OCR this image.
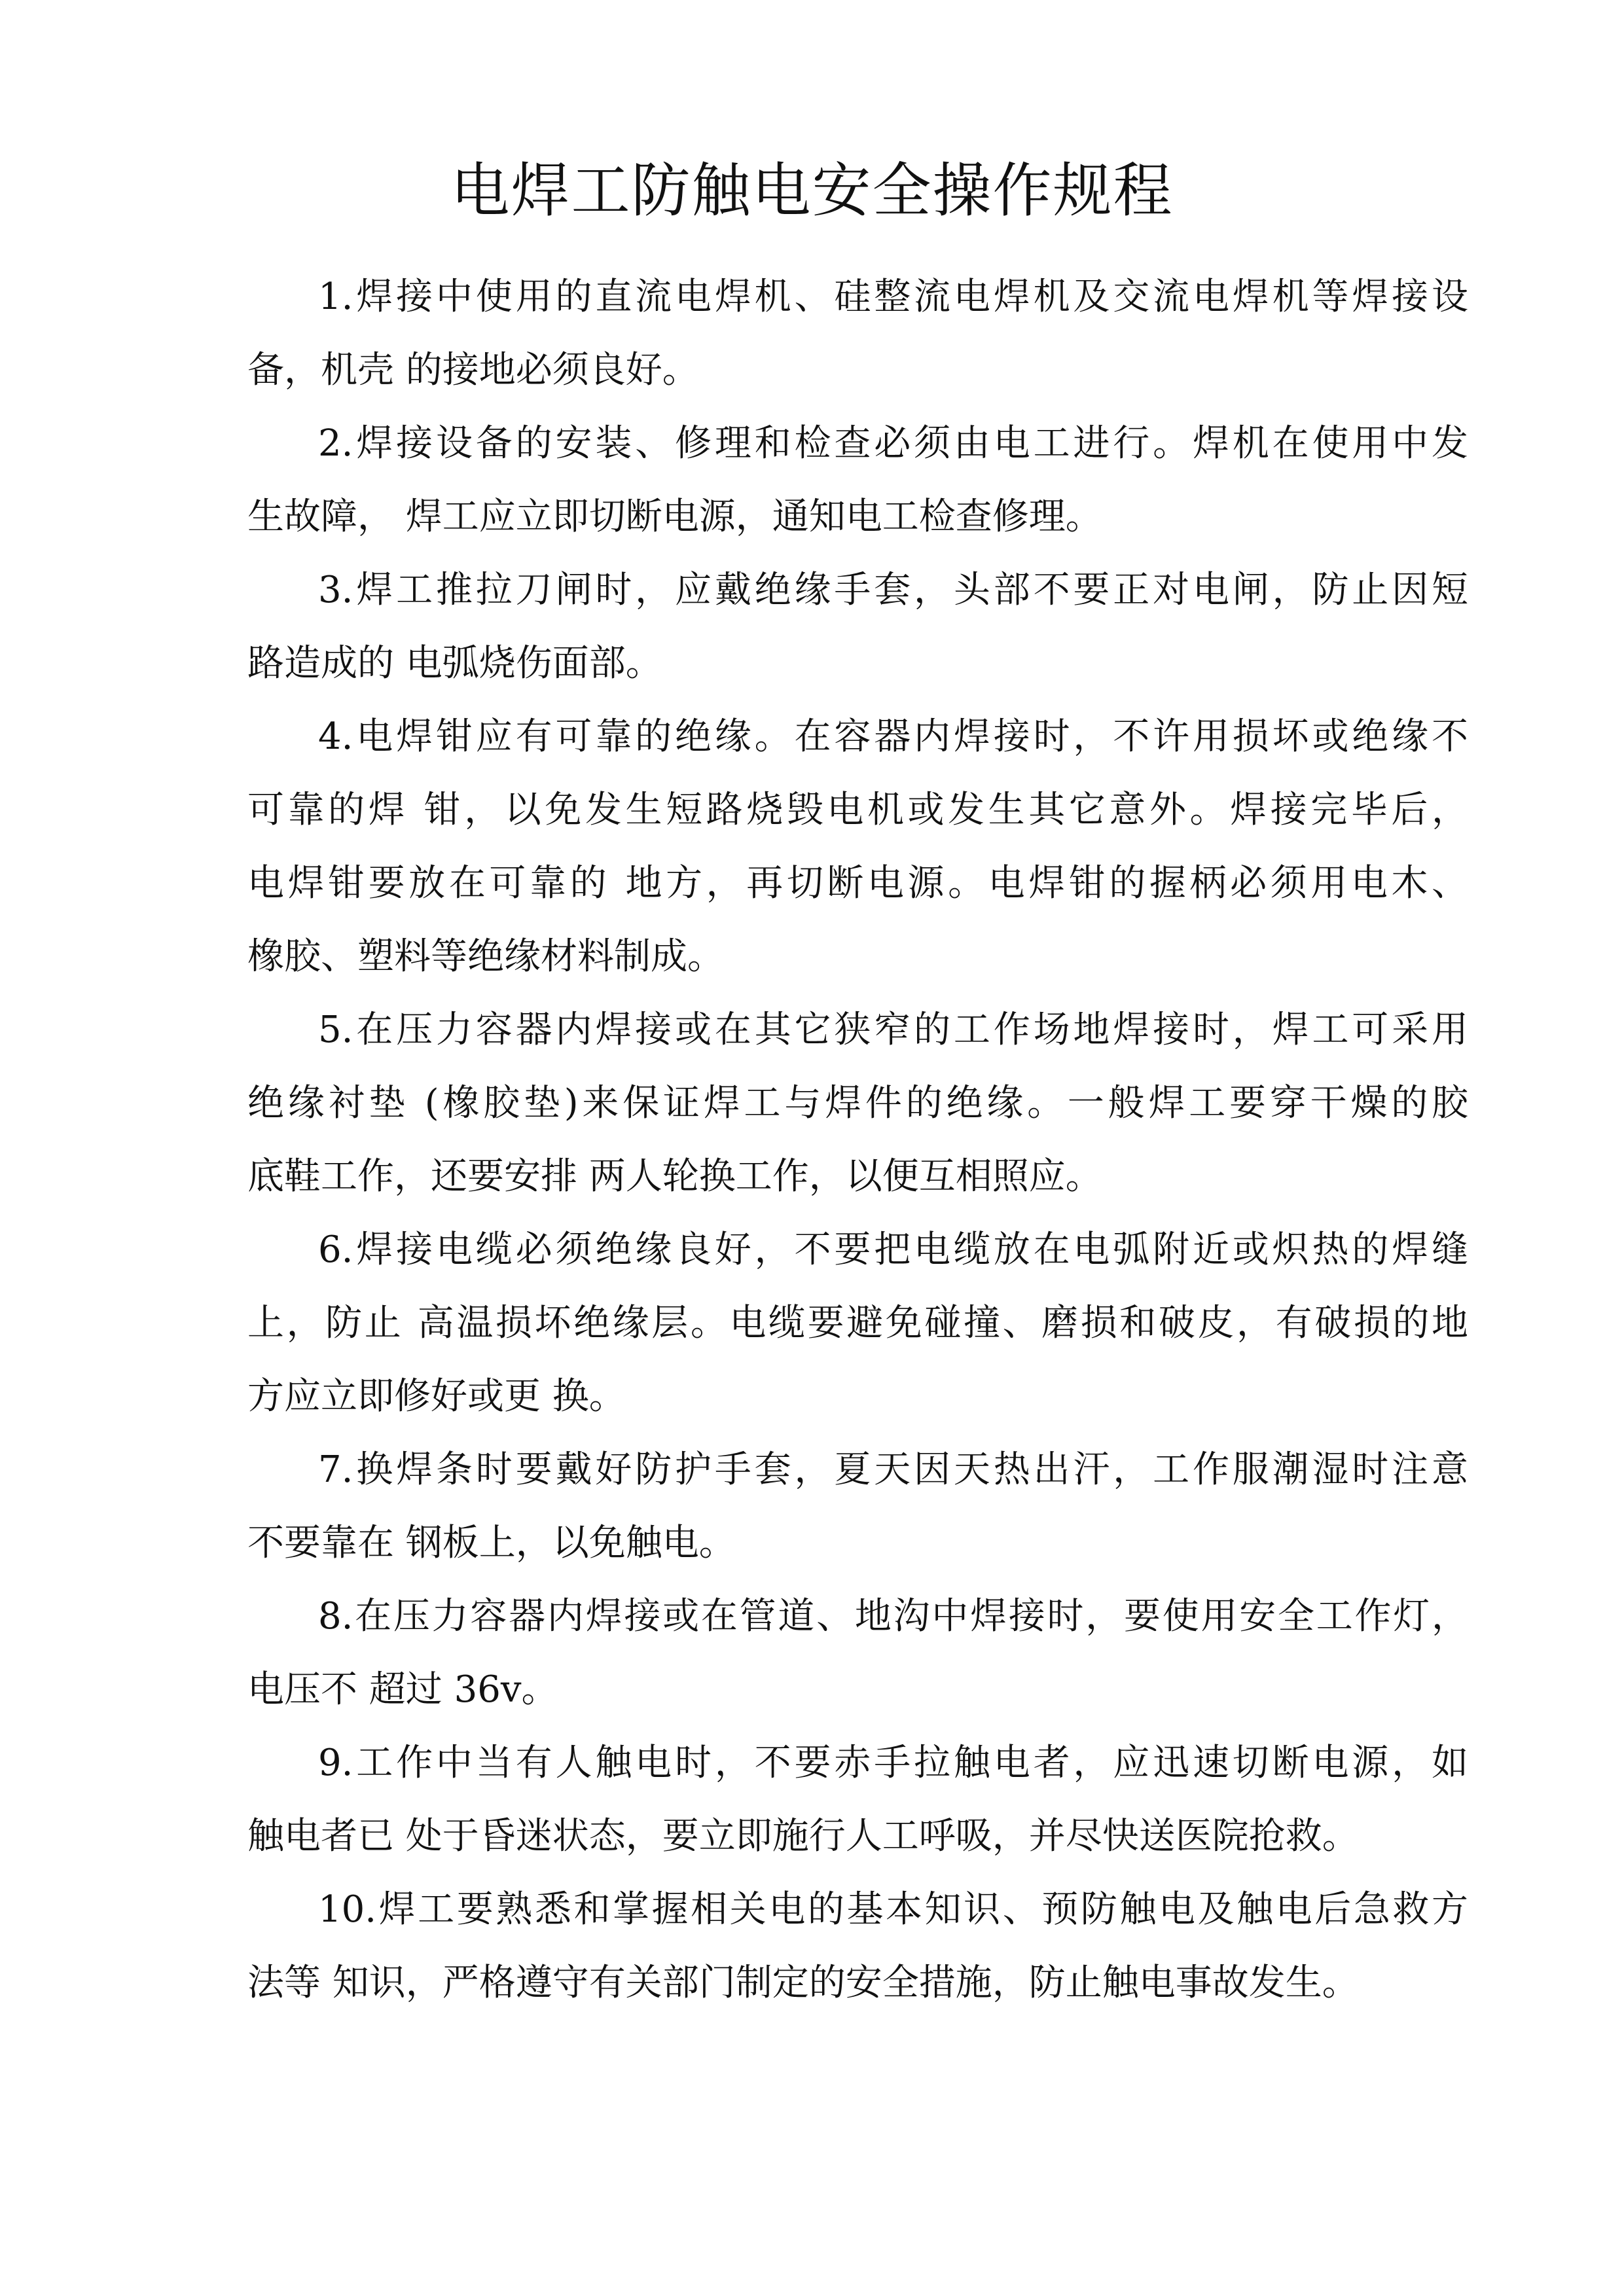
电焊工防触电安全操作规程
1.焊接中使用的直流电焊机、硅整流电焊机及交流电焊机等焊接设
备，机壳 的接地必须良好。
2.焊接设备的安装、修理和检查必须由电工进行。焊机在使用中发
生故障， 焊工应立即切断电源，通知电工检查修理。
3.焊工推拉刀闸时，应戴绝缘手套，头部不要正对电闸，防止因短
路造成的 电弧烧伤面部。
4.电焊钳应有可靠的绝缘。在容器内焊接时，不许用损坏或绝缘不
可靠的焊 钳，以免发生短路烧毁电机或发生其它意外。焊接完毕后，
电焊钳要放在可靠的 地方，再切断电源。电焊钳的握柄必须用电木、
橡胶、塑料等绝缘材料制成。
5.在压力容器内焊接或在其它狭窄的工作场地焊接时，焊工可采用
绝缘衬垫 (橡胶垫)来保证焊工与焊件的绝缘。一般焊工要穿干燥的胶
底鞋工作，还要安排 两人轮换工作，以便互相照应。
6.焊接电缆必须绝缘良好，不要把电缆放在电弧附近或炽热的焊缝
上，防止 高温损坏绝缘层。电缆要避免碰撞、磨损和破皮，有破损的地
方应立即修好或更 换。
7.换焊条时要戴好防护手套，夏天因天热出汗，工作服潮湿时注意
不要靠在 钢板上，以免触电。
8.在压力容器内焊接或在管道、地沟中焊接时，要使用安全工作灯，
电压不 超过 36v。
9.工作中当有人触电时，不要赤手拉触电者，应迅速切断电源，如
触电者已 处于昏迷状态，要立即施行人工呼吸，并尽快送医院抢救。
10.焊工要熟悉和掌握相关电的基本知识、预防触电及触电后急救方
法等 知识，严格遵守有关部门制定的安全措施，防止触电事故发生。
